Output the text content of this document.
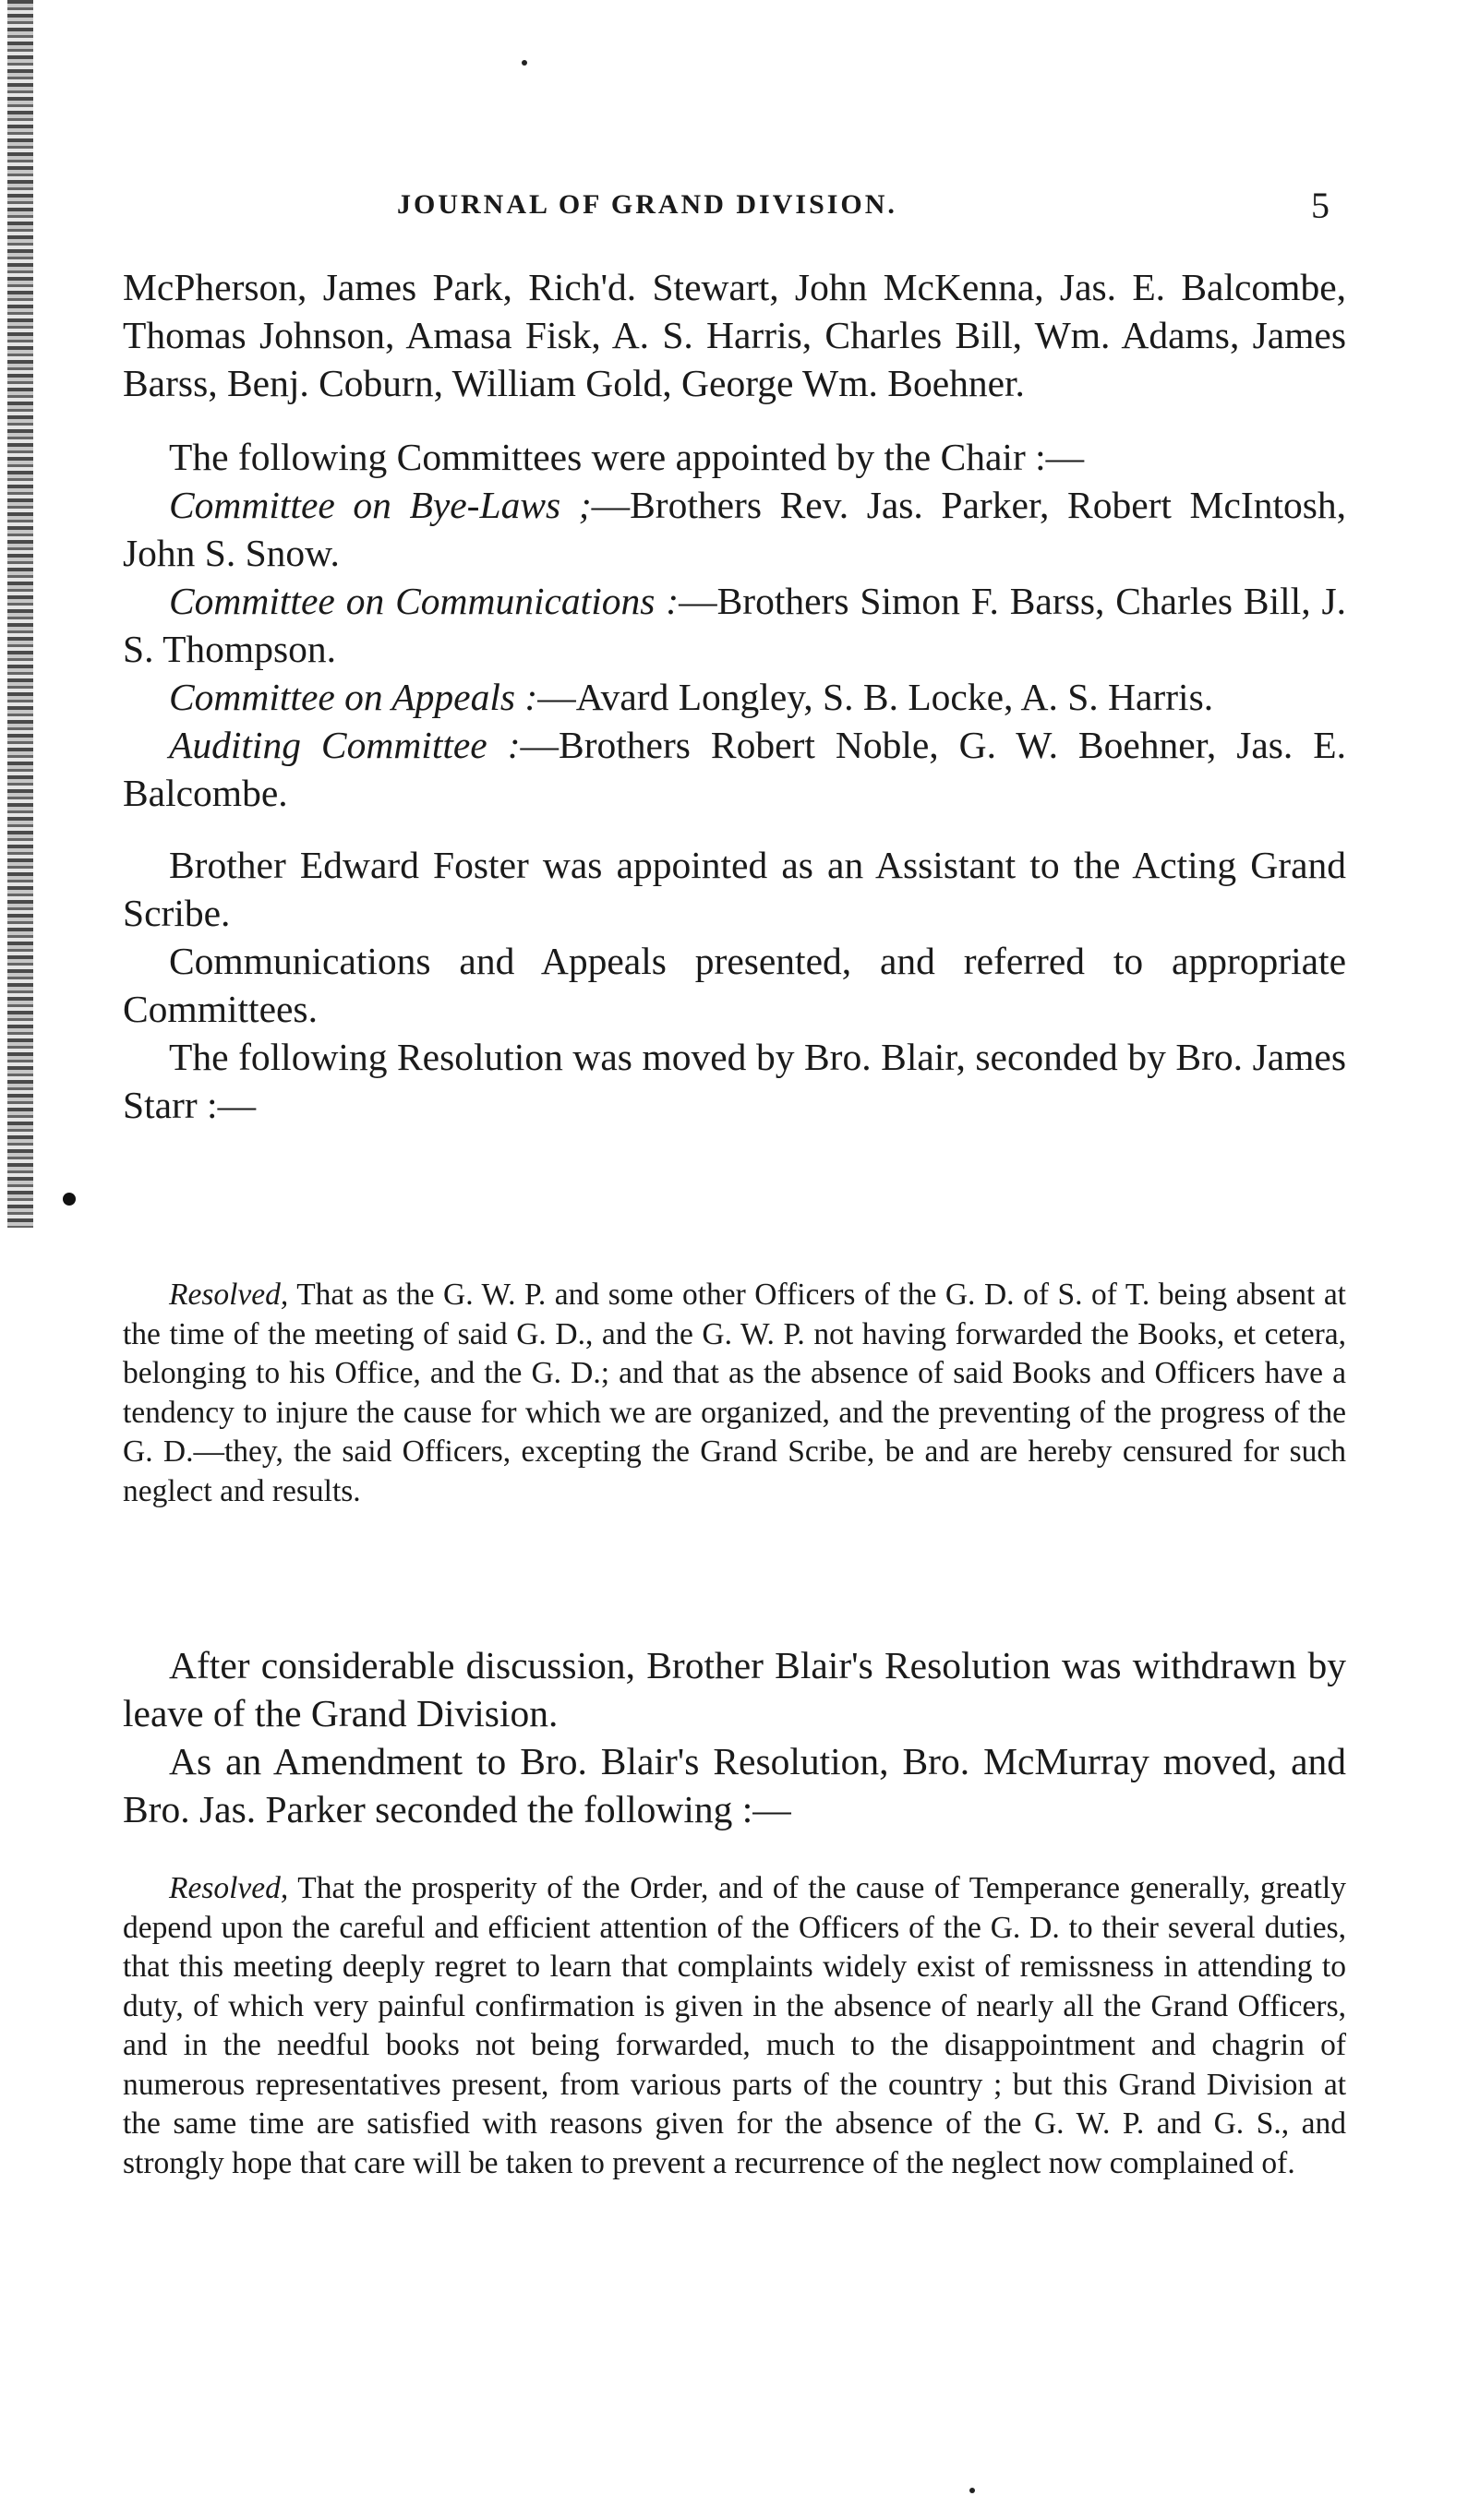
JOURNAL OF GRAND DIVISION.	5

McPherson, James Park, Rich'd. Stewart, John McKenna, Jas. E. Balcombe, Thomas Johnson, Amasa Fisk, A. S. Harris, Charles Bill, Wm. Adams, James Barss, Benj. Coburn, William Gold, George Wm. Boehner.

The following Committees were appointed by the Chair :—

Committee on Bye-Laws ;—Brothers Rev. Jas. Parker, Robert McIntosh, John S. Snow.

Committee on Communications :—Brothers Simon F. Barss, Charles Bill, J. S. Thompson.

Committee on Appeals :—Avard Longley, S. B. Locke, A. S. Harris.

Auditing Committee :—Brothers Robert Noble, G. W. Boehner, Jas. E. Balcombe.

Brother Edward Foster was appointed as an Assistant to the Acting Grand Scribe.

Communications and Appeals presented, and referred to appropriate Committees.

The following Resolution was moved by Bro. Blair, seconded by Bro. James Starr :—

Resolved, That as the G. W. P. and some other Officers of the G. D. of S. of T. being absent at the time of the meeting of said G. D., and the G. W. P. not having forwarded the Books, et cetera, belonging to his Office, and the G. D.; and that as the absence of said Books and Officers have a tendency to injure the cause for which we are organized, and the preventing of the progress of the G. D.—they, the said Officers, excepting the Grand Scribe, be and are hereby censured for such neglect and results.

After considerable discussion, Brother Blair's Resolution was withdrawn by leave of the Grand Division.

As an Amendment to Bro. Blair's Resolution, Bro. McMurray moved, and Bro. Jas. Parker seconded the following :—

Resolved, That the prosperity of the Order, and of the cause of Temperance generally, greatly depend upon the careful and efficient attention of the Officers of the G. D. to their several duties, that this meeting deeply regret to learn that complaints widely exist of remissness in attending to duty, of which very painful confirmation is given in the absence of nearly all the Grand Officers, and in the needful books not being forwarded, much to the disappointment and chagrin of numerous representatives present, from various parts of the country ; but this Grand Division at the same time are satisfied with reasons given for the absence of the G. W. P. and G. S., and strongly hope that care will be taken to prevent a recurrence of the neglect now complained of.
